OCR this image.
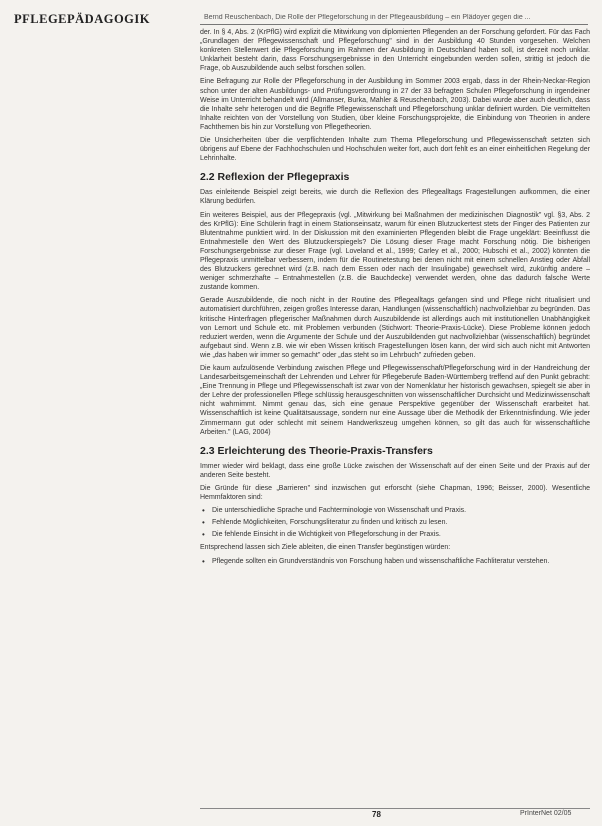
PFLEGEPÄDAGOGIK	Bernd Reuschenbach, Die Rolle der Pflegeforschung in der Pflegeausbildung – ein Plädoyer gegen die ...

der. In § 4, Abs. 2 (KrPflG) wird explizit die Mitwirkung von diplomierten Pflegenden an der Forschung gefordert. Für das Fach „Grundlagen der Pflegewissenschaft und Pflegeforschung" sind in der Ausbildung 40 Stunden vorgesehen. Welchen konkreten Stellenwert die Pflegeforschung im Rahmen der Ausbildung in Deutschland haben soll, ist derzeit noch unklar. Unklarheit besteht darin, dass Forschungsergebnisse in den Unterricht eingebunden werden sollen, strittig ist jedoch die Frage, ob Auszubildende auch selbst forschen sollen.

Eine Befragung zur Rolle der Pflegeforschung in der Ausbildung im Sommer 2003 ergab, dass in der Rhein-Neckar-Region schon unter der alten Ausbildungs- und Prüfungsverordnung in 27 der 33 befragten Schulen Pflegeforschung in irgendeiner Weise im Unterricht behandelt wird (Allmanser, Burka, Mahler & Reuschenbach, 2003). Dabei wurde aber auch deutlich, dass die Inhalte sehr heterogen und die Begriffe Pflegewissenschaft und Pflegeforschung unklar definiert wurden. Die vermittelten Inhalte reichten von der Vorstellung von Studien, über kleine Forschungsprojekte, die Einbindung von Theorien in andere Fachthemen bis hin zur Vorstellung von Pflegetheorien.

Die Unsicherheiten über die verpflichtenden Inhalte zum Thema Pflegeforschung und Pflegewissenschaft setzten sich übrigens auf Ebene der Fachhochschulen und Hochschulen weiter fort, auch dort fehlt es an einer einheitlichen Regelung der Lehrinhalte.

2.2 Reflexion der Pflegepraxis

Das einleitende Beispiel zeigt bereits, wie durch die Reflexion des Pflegealltags Fragestellungen aufkommen, die einer Klärung bedürfen.

Ein weiteres Beispiel, aus der Pflegepraxis (vgl. „Mitwirkung bei Maßnahmen der medizinischen Diagnostik" vgl. §3, Abs. 2 des KrPflG): Eine Schülerin fragt in einem Stationseinsatz, warum für einen Blutzuckertest stets der Finger des Patienten zur Blutentnahme punktiert wird. In der Diskussion mit den examinierten Pflegenden bleibt die Frage ungeklärt: Beeinflusst die Entnahmestelle den Wert des Blutzuckerspiegels? Die Lösung dieser Frage macht Forschung nötig. Die bisherigen Forschungsergebnisse zur dieser Frage (vgl. Loveland et al., 1999; Carley et al., 2000; Hubschi et al., 2002) könnten die Pflegepraxis unmittelbar verbessern, indem für die Routinetestung bei denen nicht mit einem schnellen Anstieg oder Abfall des Blutzuckers gerechnet wird (z.B. nach dem Essen oder nach der Insulingabe) gewechselt wird, zukünftig andere – weniger schmerzhafte – Entnahmestellen (z.B. die Bauchdecke) verwendet werden, ohne das dadurch falsche Werte zustande kommen.

Gerade Auszubildende, die noch nicht in der Routine des Pflegealltags gefangen sind und Pflege nicht ritualisiert und automatisiert durchführen, zeigen großes Interesse daran, Handlungen (wissenschaftlich) nachvollziehbar zu begründen. Das kritische Hinterfragen pflegerischer Maßnahmen durch Auszubildende ist allerdings auch mit institutionellen Unabhängigkeit von Lernort und Schule etc. mit Problemen verbunden (Stichwort: Theorie-Praxis-Lücke). Diese Probleme können jedoch reduziert werden, wenn die Argumente der Schule und der Auszubildenden gut nachvollziehbar (wissenschaftlich) begründet aufgebaut sind. Wenn z.B. wie wir eben Wissen kritisch Fragestellungen lösen kann, der wird sich auch nicht mit Antworten wie „das haben wir immer so gemacht" oder „das steht so im Lehrbuch" zufrieden geben.

Die kaum aufzulösende Verbindung zwischen Pflege und Pflegewissenschaft/Pflegeforschung wird in der Handreichung der Landesarbeitsgemeinschaft der Lehrenden und Lehrer für Pflegeberufe Baden-Württemberg treffend auf den Punkt gebracht: „Eine Trennung in Pflege und Pflegewissenschaft ist zwar von der Nomenklatur her historisch gewachsen, spiegelt sie aber in der Lehre der professionellen Pflege schlüssig herausgeschnitten von wissenschaftlicher Durchsicht und Medizinwissenschaft nicht wahrnimmt. Nimmt genau das, sich eine genaue Perspektive gegenüber der Wissenschaft erarbeitet hat. Wissenschaftlich ist keine Qualitätsaussage, sondern nur eine Aussage über die Methodik der Erkenntnisfindung. Wie jeder Zimmermann gut oder schlecht mit seinem Handwerkszeug umgehen können, so gilt das auch für wissenschaftliche Arbeiten." (LAG, 2004)

2.3 Erleichterung des Theorie-Praxis-Transfers

Immer wieder wird beklagt, dass eine große Lücke zwischen der Wissenschaft auf der einen Seite und der Praxis auf der anderen Seite besteht.

Die Gründe für diese „Barrieren" sind inzwischen gut erforscht (siehe Chapman, 1996; Beisser, 2000). Wesentliche Hemmfaktoren sind:

• Die unterschiedliche Sprache und Fachterminologie von Wissenschaft und Praxis.
• Fehlende Möglichkeiten, Forschungsliteratur zu finden und kritisch zu lesen.
• Die fehlende Einsicht in die Wichtigkeit von Pflegeforschung in der Praxis.

Entsprechend lassen sich Ziele ableiten, die einen Transfer begünstigen würden:

• Pflegende sollten ein Grundverständnis von Forschung haben und wissenschaftliche Fachliteratur verstehen.
78	PrInterNet 02/05
